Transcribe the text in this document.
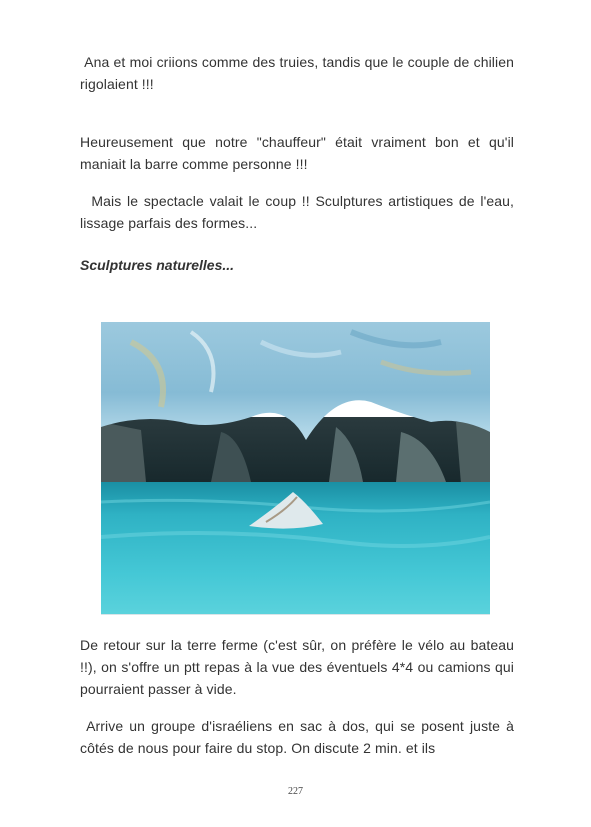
Ana et moi criions comme des truies, tandis que le couple de chilien rigolaient !!!
Heureusement que notre "chauffeur" était vraiment bon et qu'il maniait la barre comme personne !!!
Mais le spectacle valait le coup !! Sculptures artistiques de l'eau, lissage parfais des formes...
Sculptures naturelles...
De retour sur la terre ferme (c'est sûr, on préfère le vélo au bateau !!), on s'offre un ptt repas à la vue des éventuels 4*4 ou camions qui pourraient passer à vide.
Arrive un groupe d'israéliens en sac à dos, qui se posent juste à côtés de nous pour faire du stop. On discute 2 min. et ils
227
